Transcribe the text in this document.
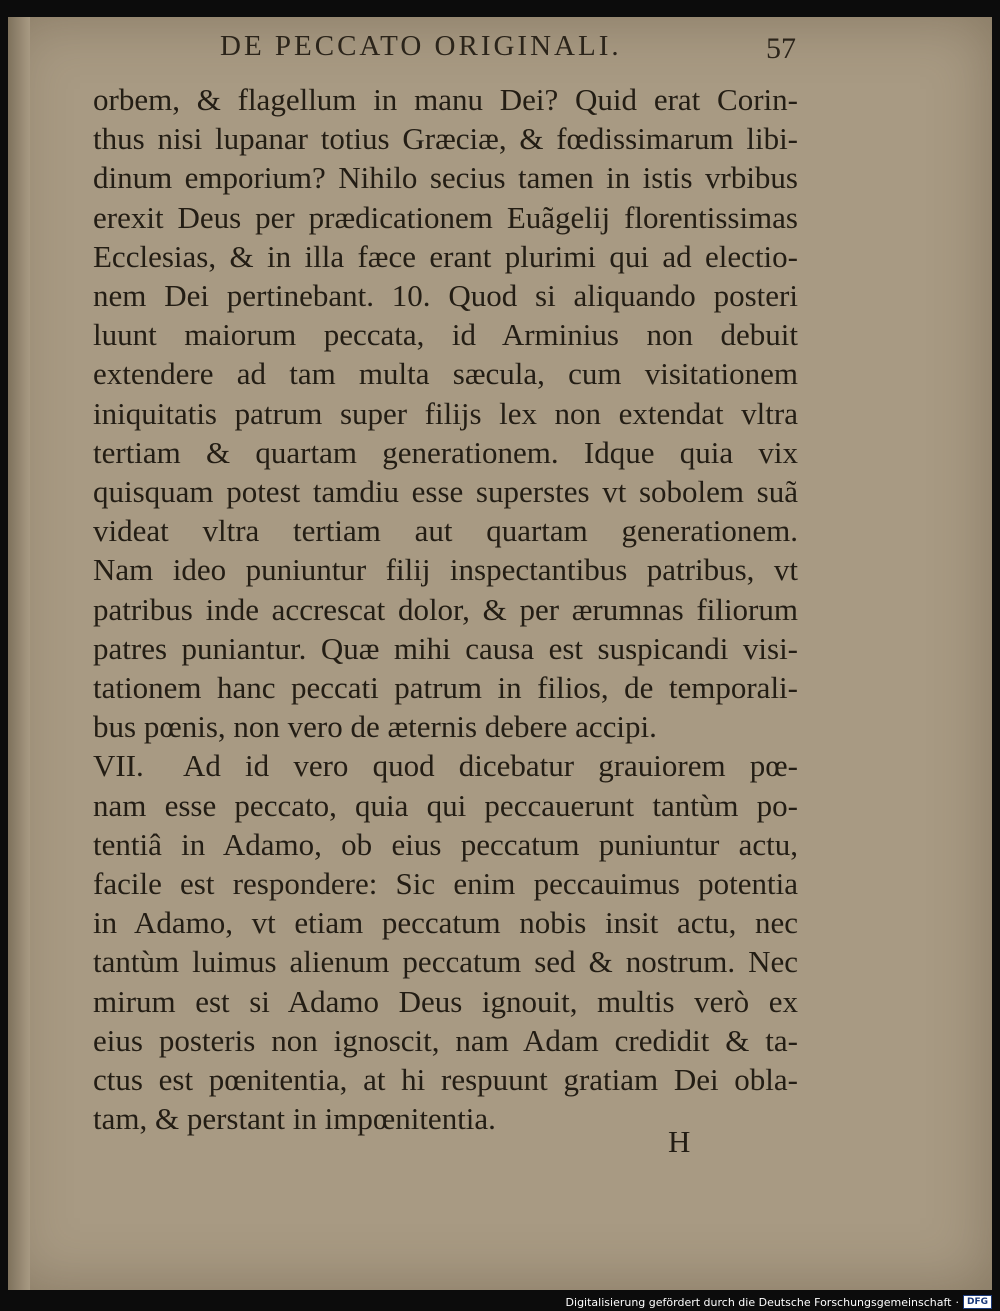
DE PECCATO ORIGINALI.	57
orbem, & flagellum in manu Dei? Quid erat Corin-
thus nisi lupanar totius Græciæ, & fœdissimarum libi-
dinum emporium? Nihilo secius tamen in istis vrbibus
erexit Deus per prædicationem Euãgelij florentissimas
Ecclesias, & in illa fæce erant plurimi qui ad electio-
nem Dei pertinebant. 10. Quod si aliquando posteri
luunt maiorum peccata, id Arminius non debuit
extendere ad tam multa sæcula, cum visitationem
iniquitatis patrum super filijs lex non extendat vltra
tertiam & quartam generationem. Idque quia vix
quisquam potest tamdiu esse superstes vt sobolem suã
videat vltra tertiam aut quartam generationem.
Nam ideo puniuntur filij inspectantibus patribus, vt
patribus inde accrescat dolor, & per ærumnas filiorum
patres puniantur. Quæ mihi causa est suspicandi visi-
tationem hanc peccati patrum in filios, de temporali-
bus pœnis, non vero de æternis debere accipi.
VII. Ad id vero quod dicebatur grauiorem pœ-
nam esse peccato, quia qui peccauerunt tantùm po-
tentiâ in Adamo, ob eius peccatum puniuntur actu,
facile est respondere: Sic enim peccauimus potentia
in Adamo, vt etiam peccatum nobis insit actu, nec
tantùm luimus alienum peccatum sed & nostrum. Nec
mirum est si Adamo Deus ignouit, multis verò ex
eius posteris non ignoscit, nam Adam credidit & ta-
ctus est pœnitentia, at hi respuunt gratiam Dei obla-
tam, & perstant in impœnitentia.
H
Digitalisierung gefördert durch die Deutsche Forschungsgemeinschaft · DFG
